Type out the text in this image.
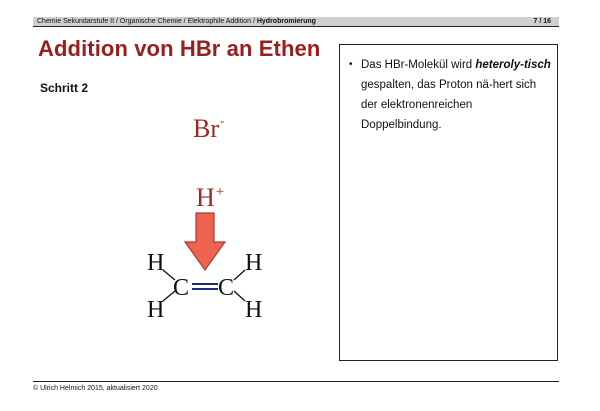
Chemie Sekundarstufe II / Organische Chemie / Elektrophile Addition / Hydrobromierung	7 / 16
Addition von HBr an Ethen
Schritt 2
• Das HBr-Molekül wird heteroly-tisch gespalten, das Proton nä-hert sich der elektronenreichen Doppelbindung.
Br-
H+
H
H
H
H
C C
© Ulrich Helmich 2015, aktualisiert 2020
